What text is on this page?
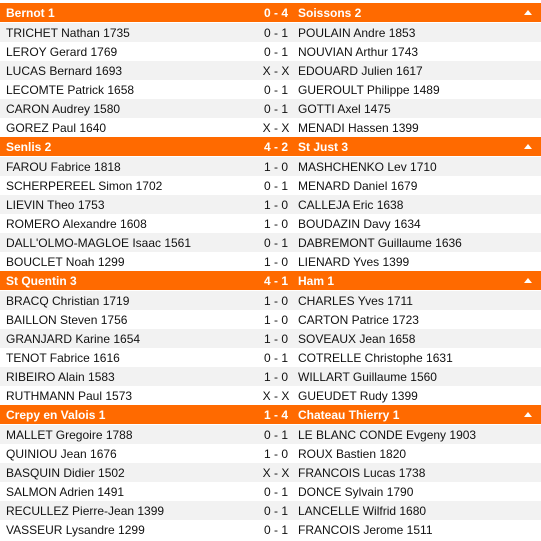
Bernot 1	0 - 4 Soissons 2
TRICHET Nathan 1735	0 - 1 POULAIN Andre 1853
LEROY Gerard 1769	0 - 1 NOUVIAN Arthur 1743
LUCAS Bernard 1693	X - X EDOUARD Julien 1617
LECOMTE Patrick 1658	0 - 1 GUEROULT Philippe 1489
CARON Audrey 1580	0 - 1 GOTTI Axel 1475
GOREZ Paul 1640	X - X MENADI Hassen 1399
Senlis 2	4 - 2 St Just 3
FAROU Fabrice 1818	1 - 0 MASHCHENKO Lev 1710
SCHERPEREEL Simon 1702	0 - 1 MENARD Daniel 1679
LIEVIN Theo 1753	1 - 0 CALLEJA Eric 1638
ROMERO Alexandre 1608	1 - 0 BOUDAZIN Davy 1634
DALL'OLMO-MAGLOE Isaac 1561	0 - 1 DABREMONT Guillaume 1636
BOUCLET Noah 1299	1 - 0 LIENARD Yves 1399
St Quentin 3	4 - 1 Ham 1
BRACQ Christian 1719	1 - 0 CHARLES Yves 1711
BAILLON Steven 1756	1 - 0 CARTON Patrice 1723
GRANJARD Karine 1654	1 - 0 SOVEAUX Jean 1658
TENOT Fabrice 1616	0 - 1 COTRELLE Christophe 1631
RIBEIRO Alain 1583	1 - 0 WILLART Guillaume 1560
RUTHMANN Paul 1573	X - X GUEUDET Rudy 1399
Crepy en Valois 1	1 - 4 Chateau Thierry 1
MALLET Gregoire 1788	0 - 1 LE BLANC CONDE Evgeny 1903
QUINIOU Jean 1676	1 - 0 ROUX Bastien 1820
BASQUIN Didier 1502	X - X FRANCOIS Lucas 1738
SALMON Adrien 1491	0 - 1 DONCE Sylvain 1790
RECULLEZ Pierre-Jean 1399	0 - 1 LANCELLE Wilfrid 1680
VASSEUR Lysandre 1299	0 - 1 FRANCOIS Jerome 1511
